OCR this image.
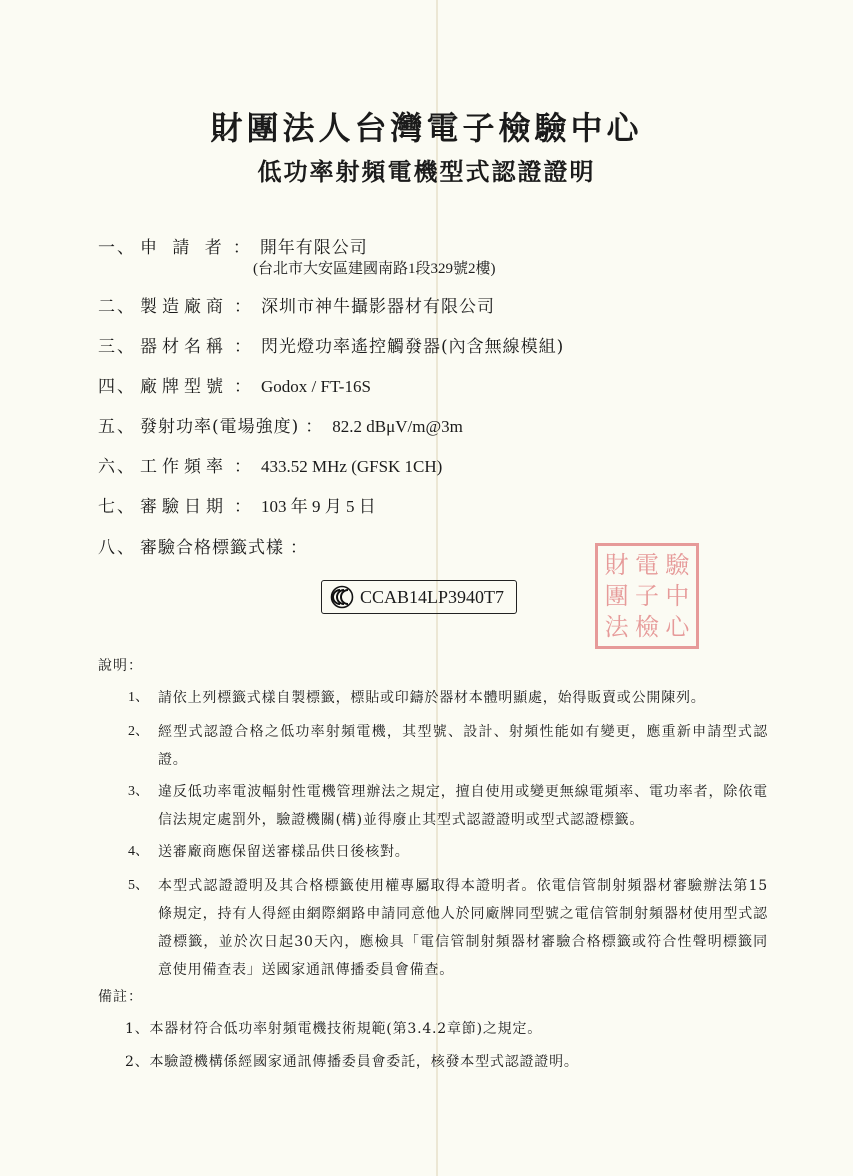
財團法人台灣電子檢驗中心
低功率射頻電機型式認證證明
一、 申 請 者 ： 開年有限公司
(台北市大安區建國南路1段329號2樓)
二、 製造廠商 ： 深圳市神牛攝影器材有限公司
三、 器材名稱 ： 閃光燈功率遙控觸發器(內含無線模組)
四、 廠牌型號 ： Godox / FT-16S
五、 發射功率(電場強度) ： 82.2 dBμV/m@3m
六、 工作頻率 ： 433.52 MHz (GFSK 1CH)
七、 審驗日期 ： 103 年 9 月 5 日
八、 審驗合格標籤式樣 ：
CCAB14LP3940T7
財 電 驗
團 子 中
法 檢 心
說明：
1、 請依上列標籤式樣自製標籤，標貼或印鑄於器材本體明顯處，始得販賣或公開陳列。
2、 經型式認證合格之低功率射頻電機，其型號、設計、射頻性能如有變更，應重新申請型式認證。
3、 違反低功率電波輻射性電機管理辦法之規定，擅自使用或變更無線電頻率、電功率者，除依電信法規定處罰外，驗證機關(構)並得廢止其型式認證證明或型式認證標籤。
4、 送審廠商應保留送審樣品供日後核對。
5、 本型式認證證明及其合格標籤使用權專屬取得本證明者。依電信管制射頻器材審驗辦法第15條規定，持有人得經由網際網路申請同意他人於同廠牌同型號之電信管制射頻器材使用型式認證標籤，並於次日起30天內，應檢具「電信管制射頻器材審驗合格標籤或符合性聲明標籤同意使用備查表」送國家通訊傳播委員會備查。
備註：
1、本器材符合低功率射頻電機技術規範(第3.4.2章節)之規定。
2、本驗證機構係經國家通訊傳播委員會委託，核發本型式認證證明。
